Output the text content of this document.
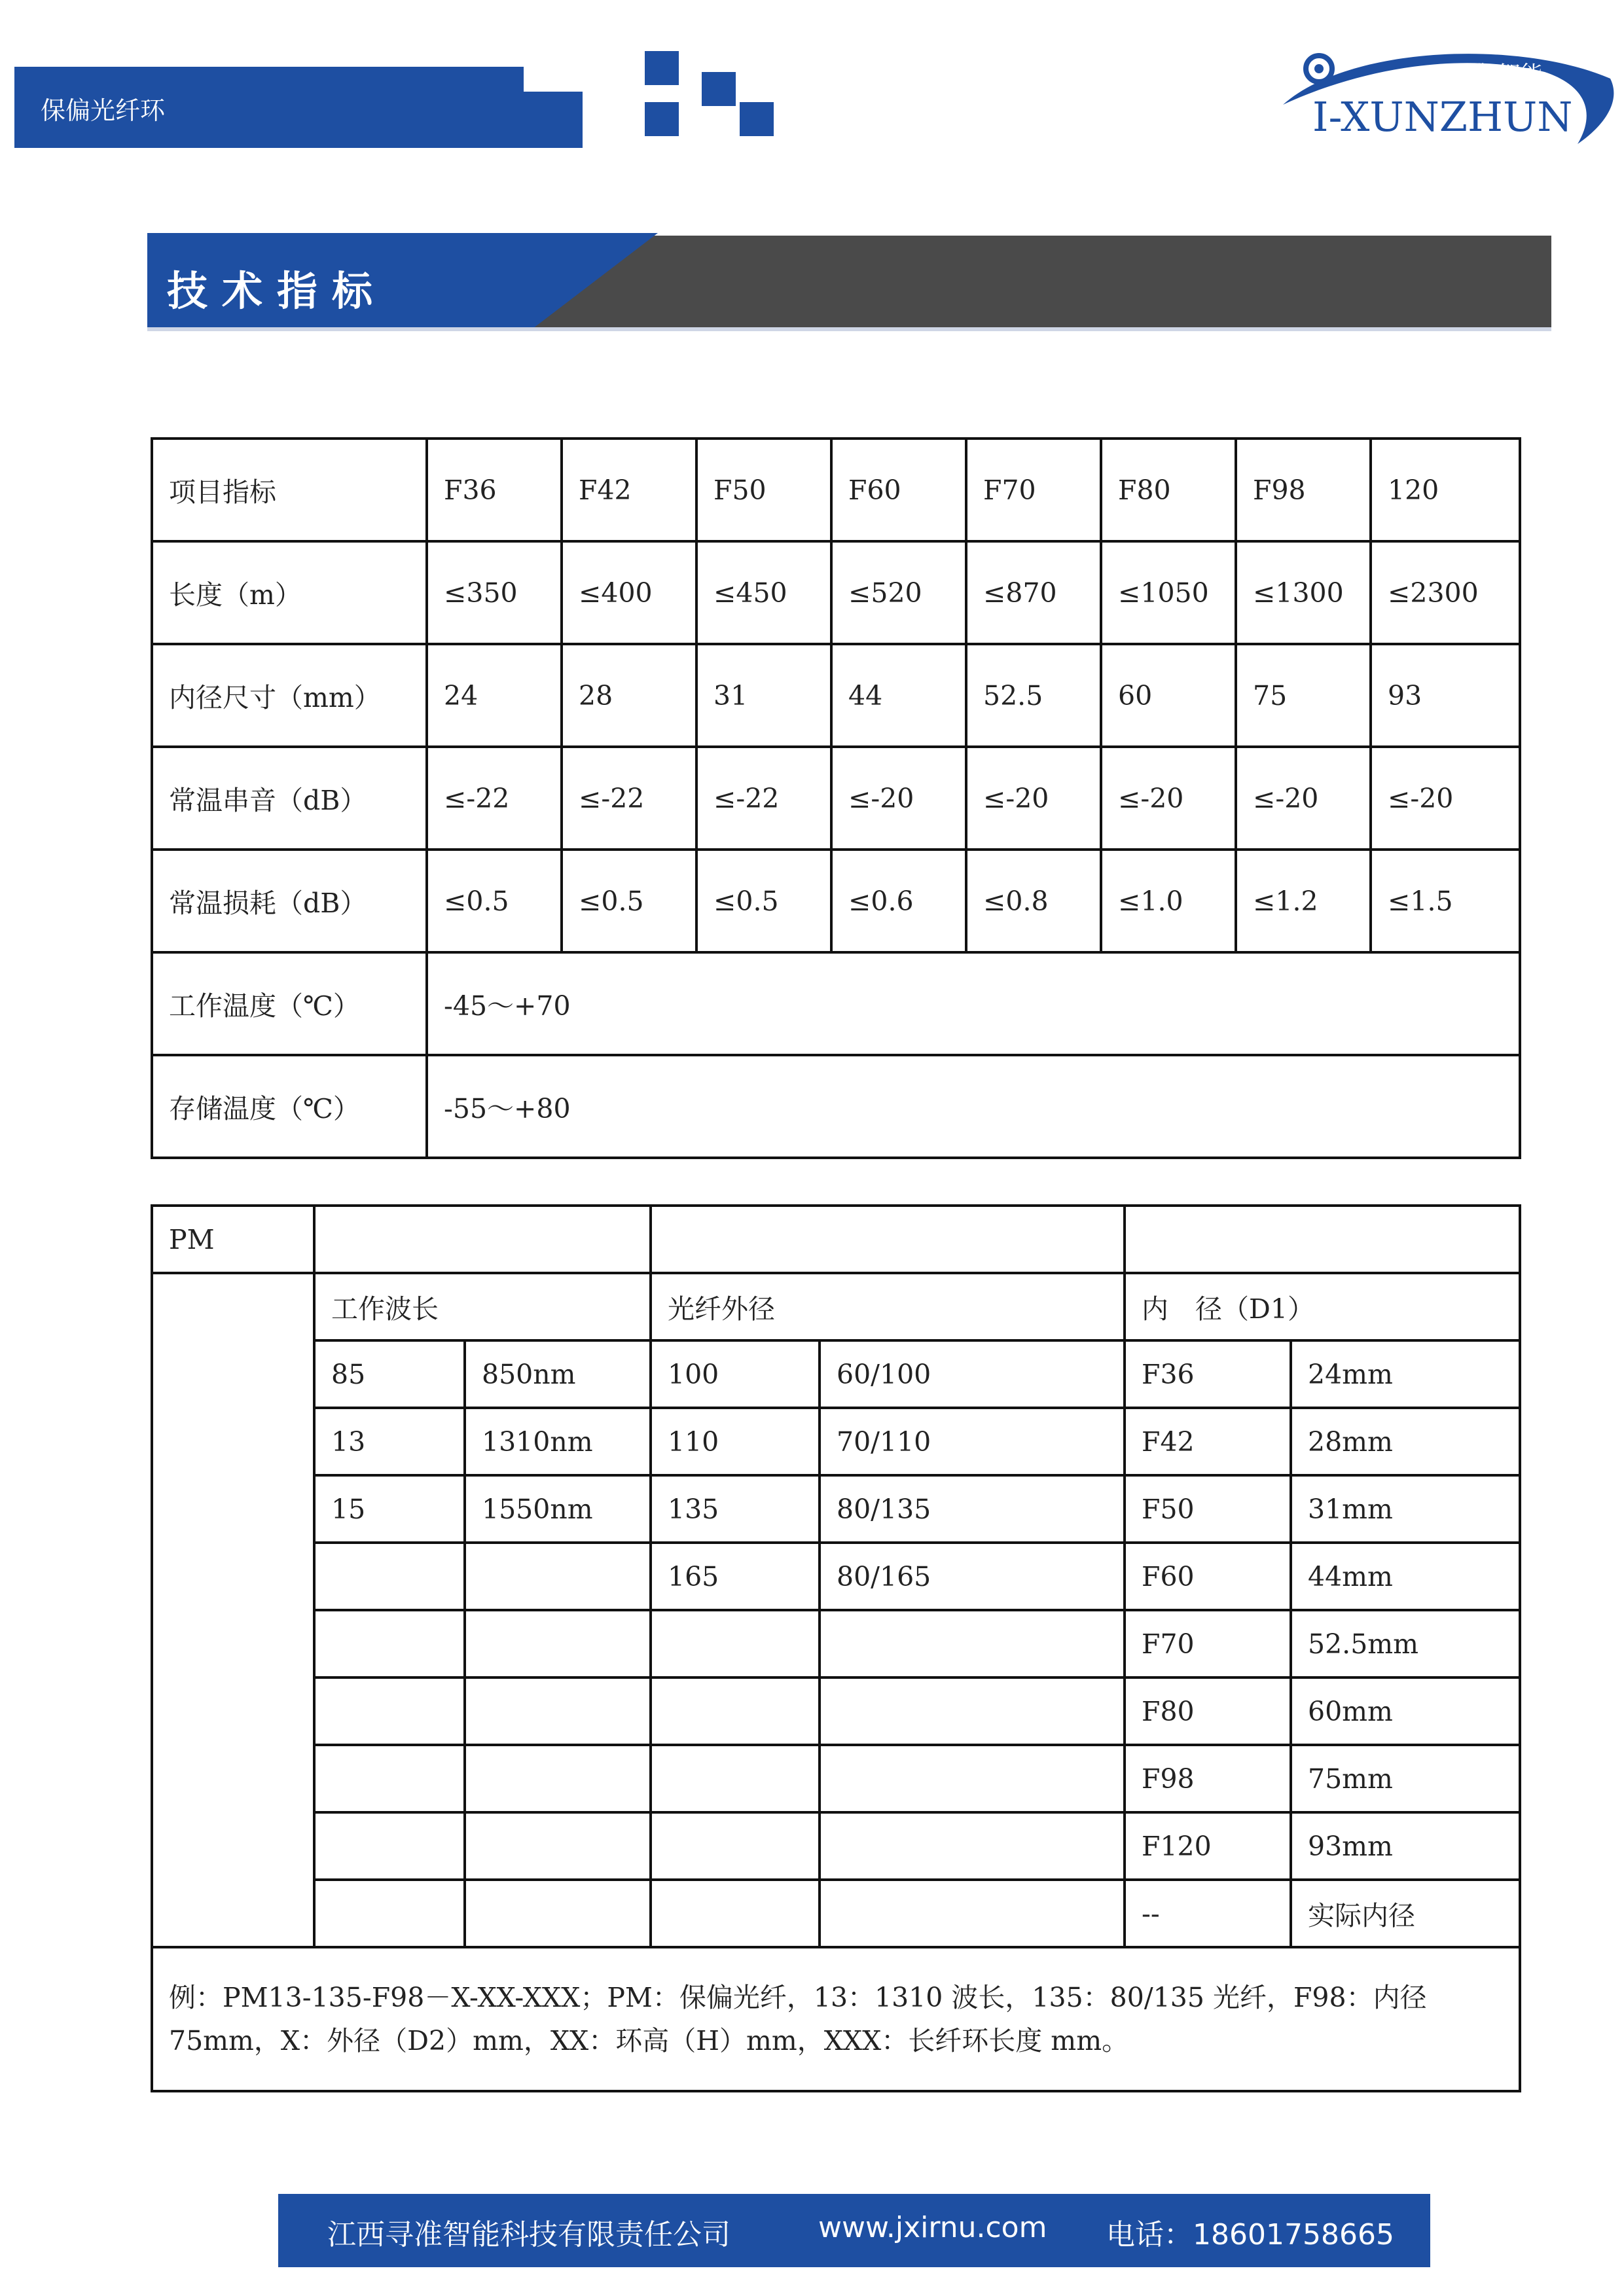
保偏光纤环
寻准·智能
I-XUNZHUN
技术指标
项目指标	F36	F42	F50	F60	F70	F80	F98	120
长度（m）	≤350	≤400	≤450	≤520	≤870	≤1050	≤1300	≤2300
内径尺寸（mm）	24	28	31	44	52.5	60	75	93
常温串音（dB）	≤-22	≤-22	≤-22	≤-20	≤-20	≤-20	≤-20	≤-20
常温损耗（dB）	≤0.5	≤0.5	≤0.5	≤0.6	≤0.8	≤1.0	≤1.2	≤1.5
工作温度（℃）	-45～+70							
存储温度（℃）	-55～+80							
PM						
	工作波长		光纤外径		内　径（D1）	
	85	850nm	100	60/100	F36	24mm
	13	1310nm	110	70/110	F42	28mm
	15	1550nm	135	80/135	F50	31mm
			165	80/165	F60	44mm
					F70	52.5mm
					F80	60mm
					F98	75mm
					F120	93mm
					--	实际内径
例：PM13-135-F98－X-XX-XXX；PM：保偏光纤，13：1310 波长，135：80/135 光纤，F98：内径 75mm，X：外径（D2）mm，XX：环高（H）mm，XXX：长纤环长度 mm。						
江西寻准智能科技有限责任公司	www.jxirnu.com 电话：18601758665
